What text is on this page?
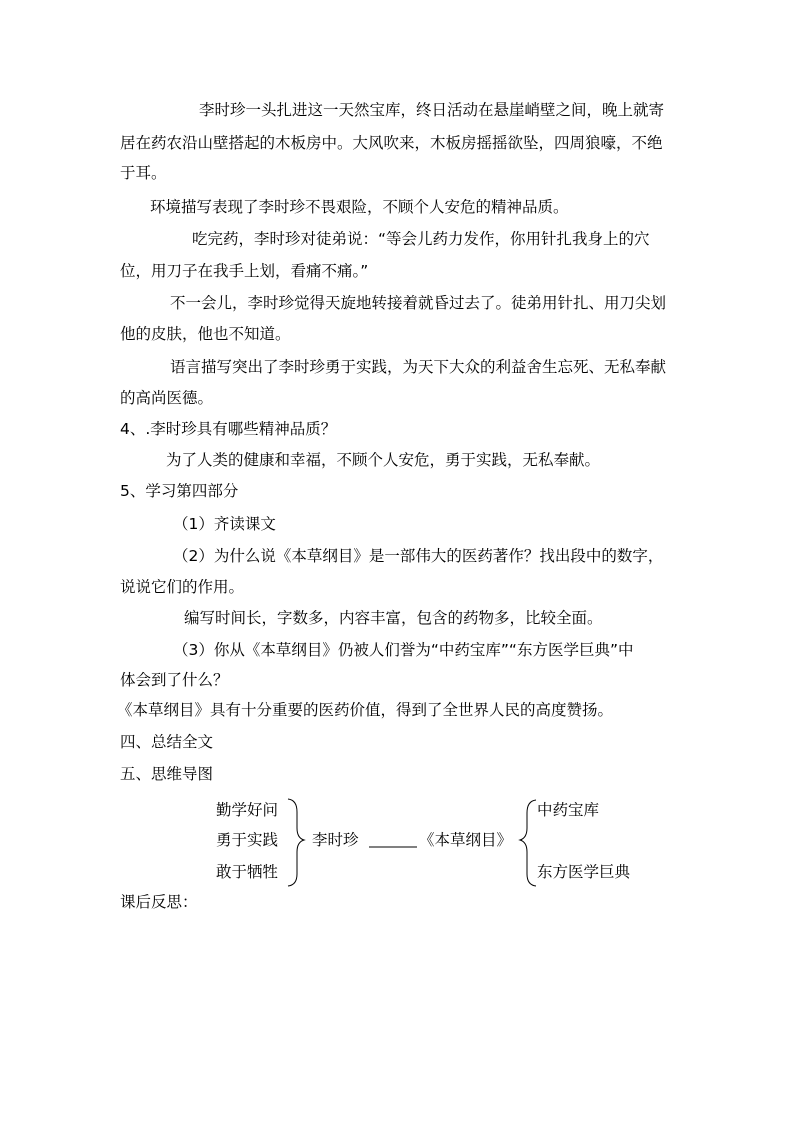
李时珍一头扎进这一天然宝库，终日活动在悬崖峭壁之间，晚上就寄
居在药农沿山壁搭起的木板房中。大风吹来，木板房摇摇欲坠，四周狼嚎，不绝
于耳。
环境描写表现了李时珍不畏艰险，不顾个人安危的精神品质。
吃完药，李时珍对徒弟说：“等会儿药力发作，你用针扎我身上的穴
位，用刀子在我手上划，看痛不痛。”
不一会儿，李时珍觉得天旋地转接着就昏过去了。徒弟用针扎、用刀尖划
他的皮肤，他也不知道。
语言描写突出了李时珍勇于实践，为天下大众的利益舍生忘死、无私奉献
的高尚医德。
4、.李时珍具有哪些精神品质？
为了人类的健康和幸福，不顾个人安危，勇于实践，无私奉献。
5、学习第四部分
（1）齐读课文
（2）为什么说《本草纲目》是一部伟大的医药著作？找出段中的数字，
说说它们的作用。
编写时间长，字数多，内容丰富，包含的药物多，比较全面。
（3）你从《本草纲目》仍被人们誉为“中药宝库”“东方医学巨典”中
体会到了什么？
《本草纲目》具有十分重要的医药价值，得到了全世界人民的高度赞扬。
四、总结全文
五、思维导图
勤学好问
勇于实践
敢于牺牲
李时珍	《本草纲目》
中药宝库
东方医学巨典
课后反思：
